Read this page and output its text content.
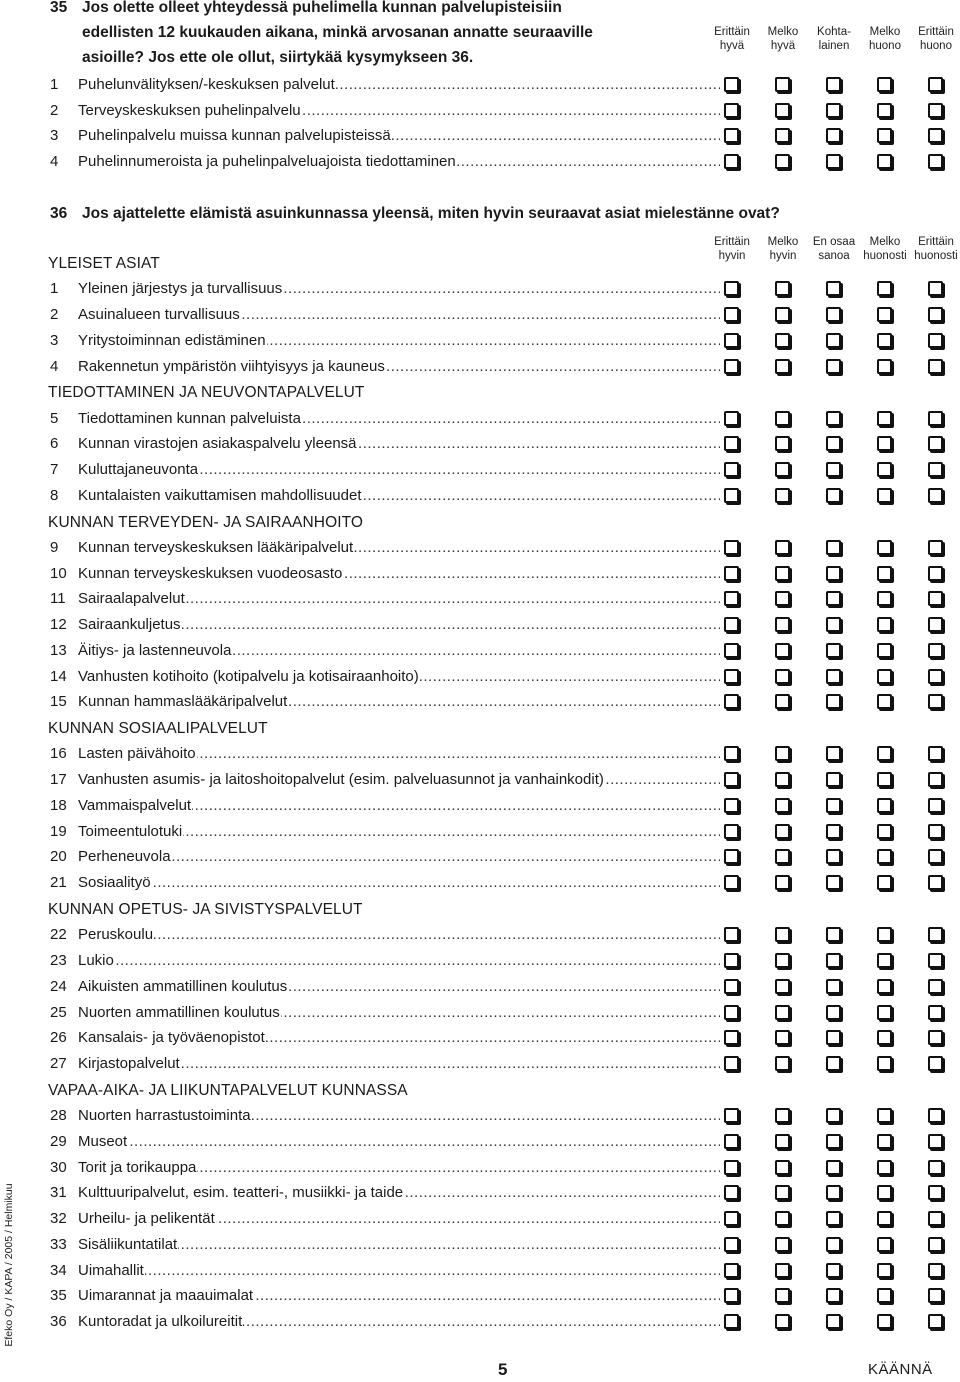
35 Jos olette olleet yhteydessä puhelimella kunnan palvelupisteisiin
edellisten 12 kuukauden aikana, minkä arvosanan annatte seuraaville
asioille? Jos ette ole ollut, siirtykää kysymykseen 36.
Erittäin
hyvä
Melko
hyvä
Kohta-
lainen
Melko
huono
Erittäin
huono
1	Puhelunvälityksen/-keskuksen palvelut .....
2	Terveyskeskuksen puhelinpalvelu .....
3	Puhelinpalvelu muissa kunnan palvelupisteissä .....
4	Puhelinnumeroista ja puhelinpalveluajoista tiedottaminen .....
36 Jos ajattelette elämistä asuinkunnassa yleensä, miten hyvin seuraavat asiat mielestänne ovat?
Erittäin
hyvin
Melko
hyvin
En osaa
sanoa
Melko
huonosti
Erittäin
huonosti
YLEISET ASIAT
1	Yleinen järjestys ja turvallisuus .....
2	Asuinalueen turvallisuus .....
3	Yritystoiminnan edistäminen .....
4	Rakennetun ympäristön viihtyisyys ja kauneus .....
TIEDOTTAMINEN JA NEUVONTAPALVELUT
5	Tiedottaminen kunnan palveluista .....
6	Kunnan virastojen asiakaspalvelu yleensä .....
7	Kuluttajaneuvonta .....
8	Kuntalaisten vaikuttamisen mahdollisuudet .....
KUNNAN TERVEYDEN- JA SAIRAANHOITO
9	Kunnan terveyskeskuksen lääkäripalvelut .....
10 Kunnan terveyskeskuksen vuodeosasto .....
11 Sairaalapalvelut .....
12 Sairaankuljetus .....
13 Äitiys- ja lastenneuvola .....
14 Vanhusten kotihoito (kotipalvelu ja kotisairaanhoito) .....
15 Kunnan hammaslääkäripalvelut .....
KUNNAN SOSIAALIPALVELUT
16 Lasten päivähoito .....
17 Vanhusten asumis- ja laitoshoitopalvelut (esim. palveluasunnot ja vanhainkodit) .....
18 Vammaispalvelut .....
19 Toimeentulotuki .....
20 Perheneuvola .....
21 Sosiaalityö .....
KUNNAN OPETUS- JA SIVISTYSPALVELUT
22 Peruskoulu .....
23 Lukio .....
24 Aikuisten ammatillinen koulutus .....
25 Nuorten ammatillinen koulutus .....
26 Kansalais- ja työväenopistot .....
27 Kirjastopalvelut .....
VAPAA-AIKA- JA LIIKUNTAPALVELUT KUNNASSA
28 Nuorten harrastustoiminta .....
29 Museot .....
30 Torit ja torikauppa .....
31 Kulttuuripalvelut, esim. teatteri-, musiikki- ja taide .....
32 Urheilu- ja pelikentät .....
33 Sisäliikuntatilat .....
34 Uimahallit .....
35 Uimarannat ja maauimalat .....
36 Kuntoradat ja ulkoilureitit .....
Efeko Oy / KAPA / 2005 / Helmikuu
5	KÄÄNNÄ
